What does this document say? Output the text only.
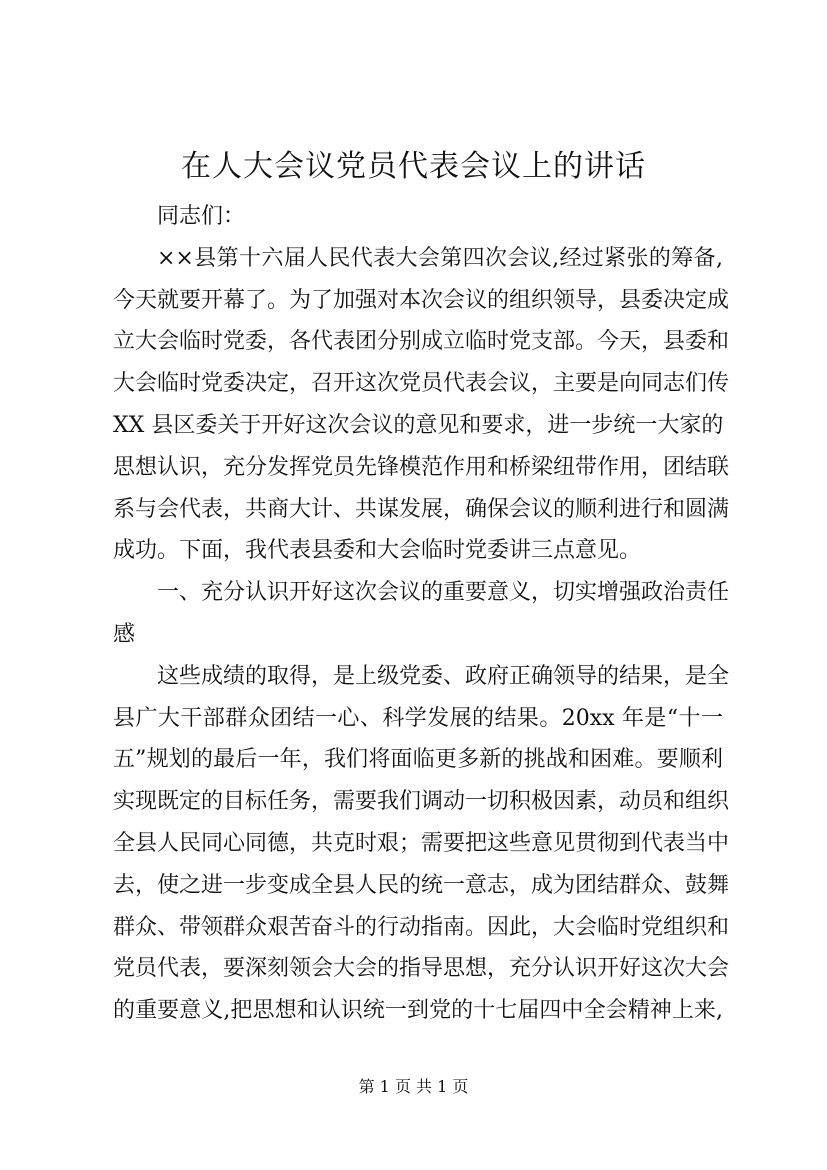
在人大会议党员代表会议上的讲话
同志们：
××县第十六届人民代表大会第四次会议,经过紧张的筹备,
今天就要开幕了。为了加强对本次会议的组织领导，县委决定成
立大会临时党委，各代表团分别成立临时党支部。今天，县委和
大会临时党委决定，召开这次党员代表会议，主要是向同志们传
XX 县区委关于开好这次会议的意见和要求，进一步统一大家的
思想认识，充分发挥党员先锋模范作用和桥梁纽带作用，团结联
系与会代表，共商大计、共谋发展，确保会议的顺利进行和圆满
成功。下面，我代表县委和大会临时党委讲三点意见。
一、充分认识开好这次会议的重要意义，切实增强政治责任
感
这些成绩的取得，是上级党委、政府正确领导的结果，是全
县广大干部群众团结一心、科学发展的结果。20xx 年是“十一
五”规划的最后一年，我们将面临更多新的挑战和困难。要顺利
实现既定的目标任务，需要我们调动一切积极因素，动员和组织
全县人民同心同德，共克时艰；需要把这些意见贯彻到代表当中
去，使之进一步变成全县人民的统一意志，成为团结群众、鼓舞
群众、带领群众艰苦奋斗的行动指南。因此，大会临时党组织和
党员代表，要深刻领会大会的指导思想，充分认识开好这次大会
的重要意义,把思想和认识统一到党的十七届四中全会精神上来,
第 1 页 共 1 页
